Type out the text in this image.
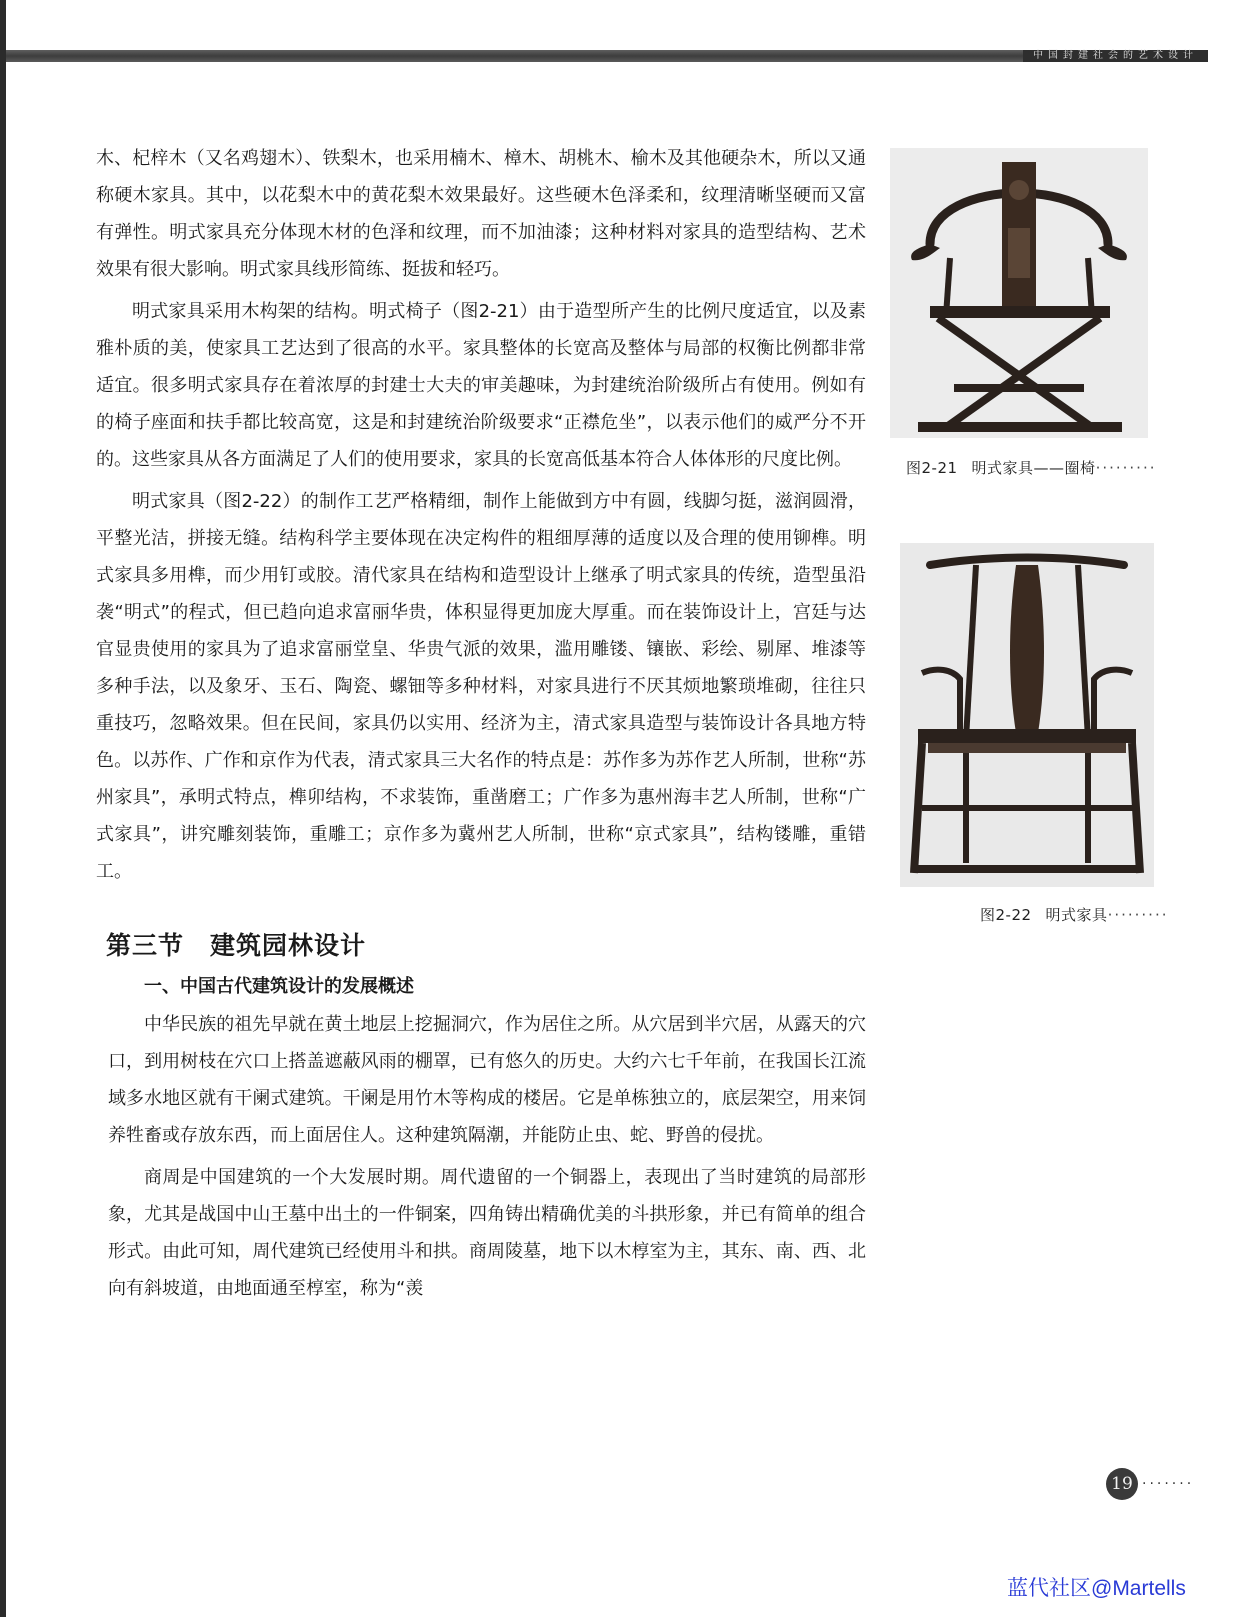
中国封建社会的艺术设计

木、杞梓木（又名鸡翅木）、铁梨木，也采用楠木、樟木、胡桃木、榆木及其他硬杂木，所以又通称硬木家具。其中，以花梨木中的黄花梨木效果最好。这些硬木色泽柔和，纹理清晰坚硬而又富有弹性。明式家具充分体现木材的色泽和纹理，而不加油漆；这种材料对家具的造型结构、艺术效果有很大影响。明式家具线形简练、挺拔和轻巧。

明式家具采用木构架的结构。明式椅子（图2-21）由于造型所产生的比例尺度适宜，以及素雅朴质的美，使家具工艺达到了很高的水平。家具整体的长宽高及整体与局部的权衡比例都非常适宜。很多明式家具存在着浓厚的封建士大夫的审美趣味，为封建统治阶级所占有使用。例如有的椅子座面和扶手都比较高宽，这是和封建统治阶级要求“正襟危坐”，以表示他们的威严分不开的。这些家具从各方面满足了人们的使用要求，家具的长宽高低基本符合人体体形的尺度比例。

明式家具（图2-22）的制作工艺严格精细，制作上能做到方中有圆，线脚匀挺，滋润圆滑，平整光洁，拼接无缝。结构科学主要体现在决定构件的粗细厚薄的适度以及合理的使用铆榫。明式家具多用榫，而少用钉或胶。清代家具在结构和造型设计上继承了明式家具的传统，造型虽沿袭“明式”的程式，但已趋向追求富丽华贵，体积显得更加庞大厚重。而在装饰设计上，宫廷与达官显贵使用的家具为了追求富丽堂皇、华贵气派的效果，滥用雕镂、镶嵌、彩绘、剔犀、堆漆等多种手法，以及象牙、玉石、陶瓷、螺钿等多种材料，对家具进行不厌其烦地繁琐堆砌，往往只重技巧，忽略效果。但在民间，家具仍以实用、经济为主，清式家具造型与装饰设计各具地方特色。以苏作、广作和京作为代表，清式家具三大名作的特点是：苏作多为苏作艺人所制，世称“苏州家具”，承明式特点，榫卯结构，不求装饰，重凿磨工；广作多为惠州海丰艺人所制，世称“广式家具”，讲究雕刻装饰，重雕工；京作多为冀州艺人所制，世称“京式家具”，结构镂雕，重错工。

第三节　建筑园林设计
一、中国古代建筑设计的发展概述

中华民族的祖先早就在黄土地层上挖掘洞穴，作为居住之所。从穴居到半穴居，从露天的穴口，到用树枝在穴口上搭盖遮蔽风雨的棚罩，已有悠久的历史。大约六七千年前，在我国长江流域多水地区就有干阑式建筑。干阑是用竹木等构成的楼居。它是单栋独立的，底层架空，用来饲养牲畜或存放东西，而上面居住人。这种建筑隔潮，并能防止虫、蛇、野兽的侵扰。

商周是中国建筑的一个大发展时期。周代遗留的一个铜器上，表现出了当时建筑的局部形象，尤其是战国中山王墓中出土的一件铜案，四角铸出精确优美的斗拱形象，并已有简单的组合形式。由此可知，周代建筑已经使用斗和拱。商周陵墓，地下以木椁室为主，其东、南、西、北向有斜坡道，由地面通至椁室，称为“羡

图2-21 明式家具——圈椅·········
图2-22 明式家具·········
19 ·······
蓝代社区@Martells
